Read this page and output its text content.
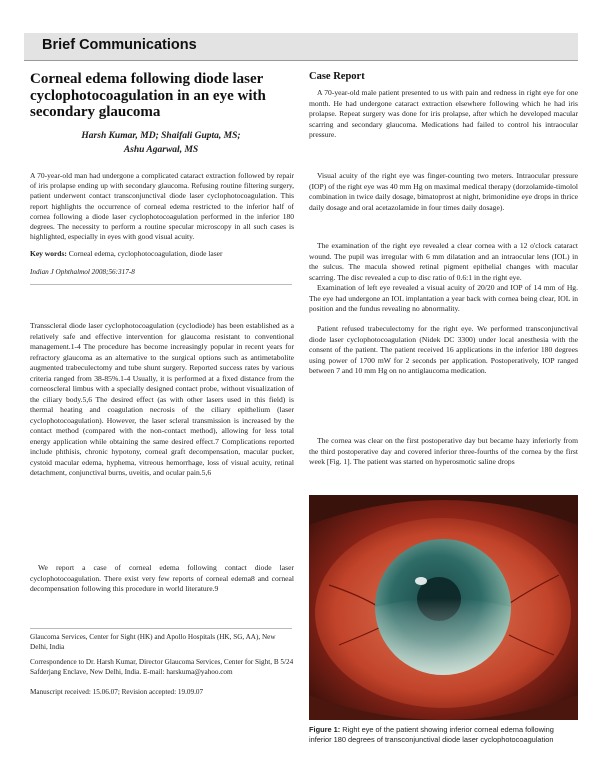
Brief Communications
Corneal edema following diode laser cyclophotocoagulation in an eye with secondary glaucoma
Harsh Kumar, MD; Shaifali Gupta, MS;
Ashu Agarwal, MS
A 70-year-old man had undergone a complicated cataract extraction followed by repair of iris prolapse ending up with secondary glaucoma. Refusing routine filtering surgery, patient underwent contact transconjunctival diode laser cyclophotocoagulation. This report highlights the occurrence of corneal edema restricted to the inferior half of cornea following a diode laser cyclophotocoagulation performed in the inferior 180 degrees. The necessity to perform a routine specular microscopy in all such cases is highlighted, especially in eyes with good visual acuity.
Key words: Corneal edema, cyclophotocoagulation, diode laser
Indian J Ophthalmol 2008;56:317-8
Transscleral diode laser cyclophotocoagulation (cyclodiode) has been established as a relatively safe and effective intervention for glaucoma resistant to conventional management.1-4 The procedure has become increasingly popular in recent years for refractory glaucoma as an alternative to the surgical options such as antimetabolite augmented trabeculectomy and tube shunt surgery. Reported success rates by various criteria ranged from 38-85%.1-4 Usually, it is performed at a fixed distance from the corneoscleral limbus with a specially designed contact probe, without visualization of the ciliary body.5,6 The desired effect (as with other lasers used in this field) is thermal heating and coagulation necrosis of the ciliary epithelium (laser cyclophotocoagulation). However, the laser scleral transmission is increased by the contact method (compared with the non-contact method), allowing for less total energy application while obtaining the same desired effect.7 Complications reported include phthisis, chronic hypotony, corneal graft decompensation, macular pucker, cystoid macular edema, hyphema, vitreous hemorrhage, loss of visual acuity, retinal detachment, conjunctival burns, uveitis, and ocular pain.5,6
We report a case of corneal edema following contact diode laser cyclophotocoagulation. There exist very few reports of corneal edema8 and corneal decompensation following this procedure in world literature.9
Glaucoma Services, Center for Sight (HK) and Apollo Hospitals (HK, SG, AA), New Delhi, India
Correspondence to Dr. Harsh Kumar, Director Glaucoma Services, Center for Sight, B 5/24 Safderjang Enclave, New Delhi, India. E-mail: harskuma@yahoo.com
Manuscript received: 15.06.07; Revision accepted: 19.09.07
Case Report
A 70-year-old male patient presented to us with pain and redness in right eye for one month. He had undergone cataract extraction elsewhere following which he had iris prolapse. Repeat surgery was done for iris prolapse, after which he developed macular scarring and secondary glaucoma. Medications had failed to control his intraocular pressure.
Visual acuity of the right eye was finger-counting two meters. Intraocular pressure (IOP) of the right eye was 40 mm Hg on maximal medical therapy (dorzolamide-timolol combination in twice daily dosage, bimatoprost at night, brimonidine eye drops in thrice daily dosage and oral acetazolamide in four times daily dosage).
The examination of the right eye revealed a clear cornea with a 12 o'clock cataract wound. The pupil was irregular with 6 mm dilatation and an intraocular lens (IOL) in the sulcus. The macula showed retinal pigment epithelial changes with macular scarring. The disc revealed a cup to disc ratio of 0.6:1 in the right eye.
Examination of left eye revealed a visual acuity of 20/20 and IOP of 14 mm of Hg. The eye had undergone an IOL implantation a year back with cornea being clear, IOL in position and the fundus revealing no abnormality.
Patient refused trabeculectomy for the right eye. We performed transconjunctival diode laser cyclophotocoagulation (Nidek DC 3300) under local anesthesia with the consent of the patient. The patient received 16 applications in the inferior 180 degrees using power of 1700 mW for 2 seconds per application. Postoperatively, IOP ranged between 7 and 10 mm Hg on no antiglaucoma medication.
The cornea was clear on the first postoperative day but became hazy inferiorly from the third postoperative day and covered inferior three-fourths of the cornea by the first week [Fig. 1]. The patient was started on hyperosmotic saline drops
Figure 1: Right eye of the patient showing inferior corneal edema following inferior 180 degrees of transconjunctival diode laser cyclophotocoagulation
